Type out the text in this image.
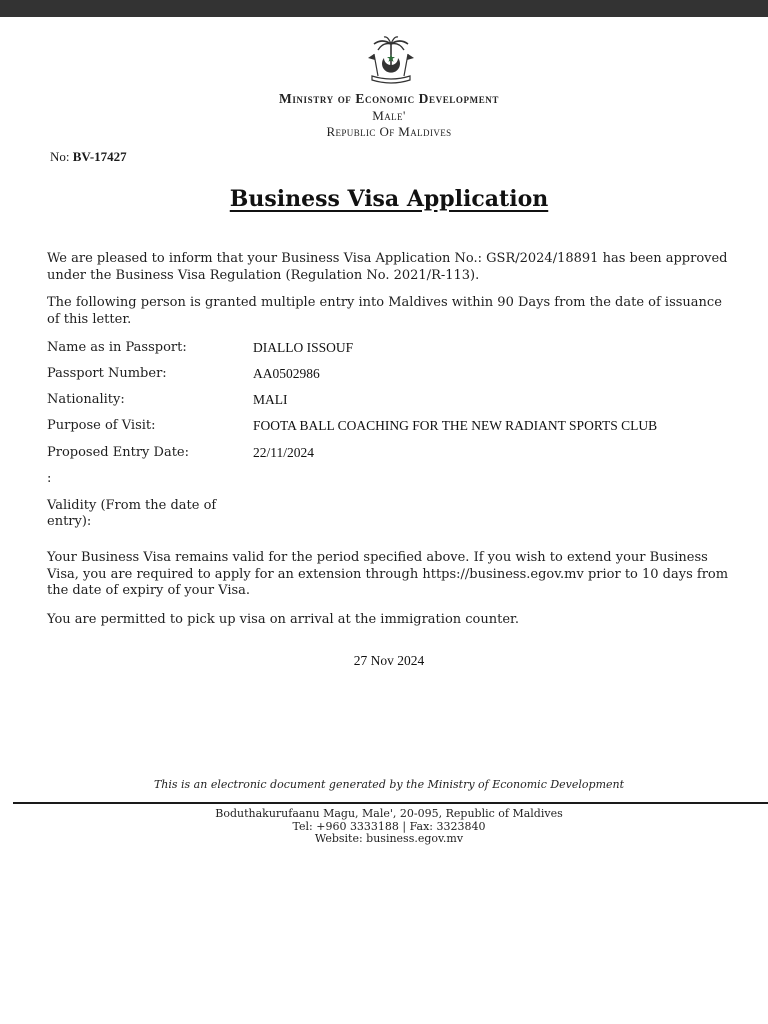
Ministry of Economic Development
Male'
Republic Of Maldives
No: BV-17427
Business Visa Application
We are pleased to inform that your Business Visa Application No.: GSR/2024/18891 has been approved under the Business Visa Regulation (Regulation No. 2021/R-113).
The following person is granted multiple entry into Maldives within 90 Days from the date of issuance of this letter.
Name as in Passport:	DIALLO ISSOUF
Passport Number:	AA0502986
Nationality:	MALI
Purpose of Visit:	FOOTA BALL COACHING FOR THE NEW RADIANT SPORTS CLUB
Proposed Entry Date:	22/11/2024
:
Validity (From the date of entry):
Your Business Visa remains valid for the period specified above. If you wish to extend your Business Visa, you are required to apply for an extension through https://business.egov.mv prior to 10 days from the date of expiry of your Visa.
You are permitted to pick up visa on arrival at the immigration counter.
27 Nov 2024
This is an electronic document generated by the Ministry of Economic Development
Boduthakurufaanu Magu, Male', 20-095, Republic of Maldives
Tel: +960 3333188 | Fax: 3323840
Website: business.egov.mv
